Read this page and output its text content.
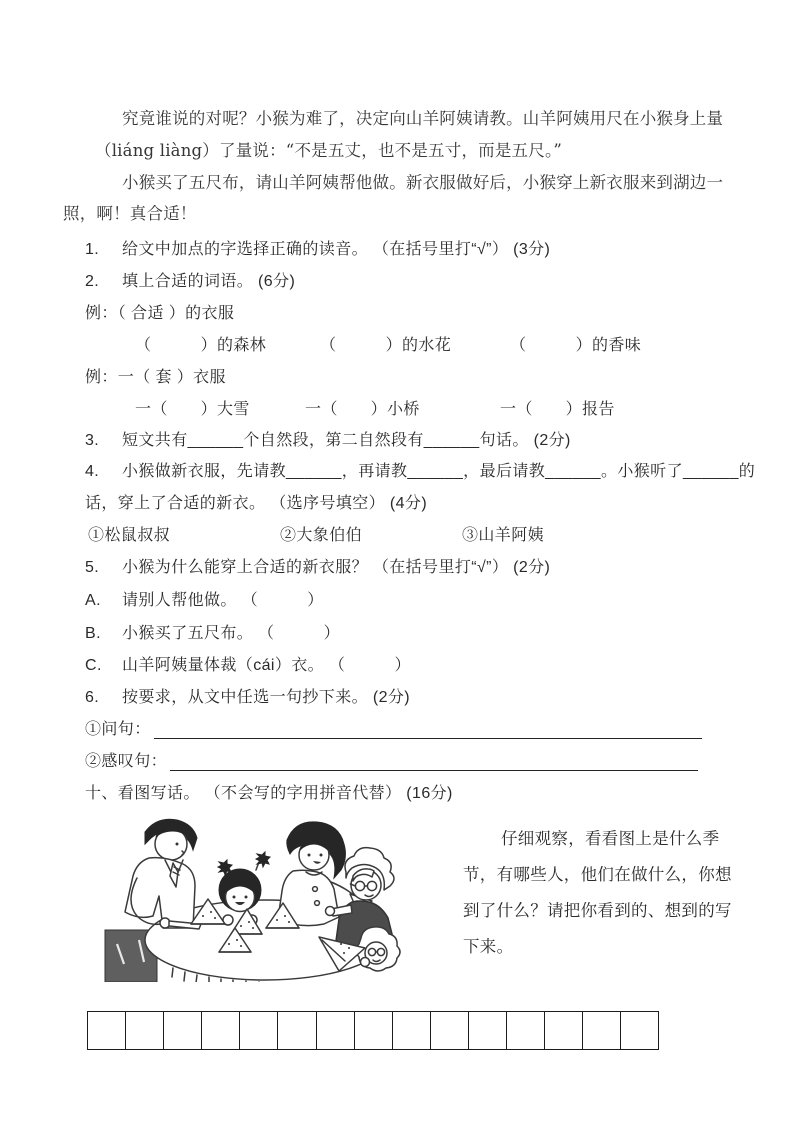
究竟谁说的对呢？小猴为难了，决定向山羊阿姨请教。山羊阿姨用尺在小猴身上量
（liáng liàng）了量说：“不是五丈，也不是五寸，而是五尺。”
小猴买了五尺布，请山羊阿姨帮他做。新衣服做好后，小猴穿上新衣服来到湖边一
照，啊！真合适！
1. 给文中加点的字选择正确的读音。 （在括号里打“√”） (3分)
2. 填上合适的词语。 (6分)
例：（ 合适 ）的衣服
（　　　）的森林	（　　　）的水花	（　　　）的香味
例：一（ 套 ）衣服
一（　　）大雪	一（　　）小桥	一（　　）报告
3. 短文共有______个自然段，第二自然段有______句话。 (2分)
4. 小猴做新衣服，先请教______，再请教______，最后请教______。小猴听了______的
话，穿上了合适的新衣。 （选序号填空） (4分)
①松鼠叔叔	②大象伯伯	③山羊阿姨
5. 小猴为什么能穿上合适的新衣服？ （在括号里打“√”） (2分)
A. 请别人帮他做。 （　　　）
B. 小猴买了五尺布。 （　　　）
C. 山羊阿姨量体裁（cái）衣。 （　　　）
6. 按要求，从文中任选一句抄下来。 (2分)
①问句：
②感叹句：
十、看图写话。 （不会写的字用拼音代替） (16分)
仔细观察，看看图上是什么季
节，有哪些人，他们在做什么，你想
到了什么？请把你看到的、想到的写
下来。
